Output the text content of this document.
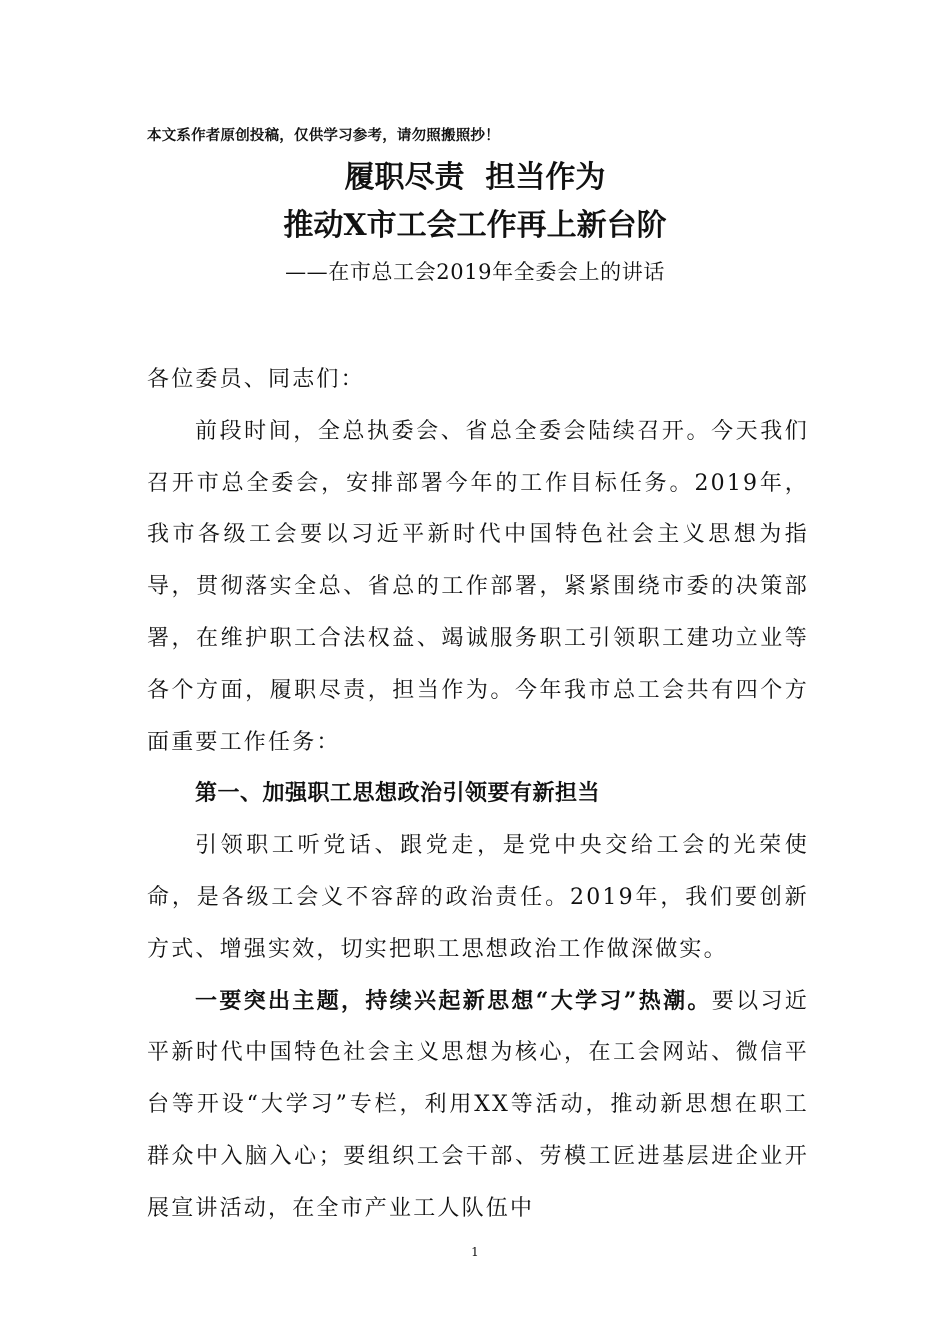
本文系作者原创投稿，仅供学习参考，请勿照搬照抄！
履职尽责  担当作为
推动X市工会工作再上新台阶
——在市总工会2019年全委会上的讲话

各位委员、同志们：

前段时间，全总执委会、省总全委会陆续召开。今天我们召开市总全委会，安排部署今年的工作目标任务。2019年，我市各级工会要以习近平新时代中国特色社会主义思想为指导，贯彻落实全总、省总的工作部署，紧紧围绕市委的决策部署，在维护职工合法权益、竭诚服务职工引领职工建功立业等各个方面，履职尽责，担当作为。今年我市总工会共有四个方面重要工作任务：

第一、加强职工思想政治引领要有新担当

引领职工听党话、跟党走，是党中央交给工会的光荣使命，是各级工会义不容辞的政治责任。2019年，我们要创新方式、增强实效，切实把职工思想政治工作做深做实。

一要突出主题，持续兴起新思想“大学习”热潮。要以习近平新时代中国特色社会主义思想为核心，在工会网站、微信平台等开设“大学习”专栏，利用XX等活动，推动新思想在职工群众中入脑入心；要组织工会干部、劳模工匠进基层进企业开展宣讲活动，在全市产业工人队伍中

1
